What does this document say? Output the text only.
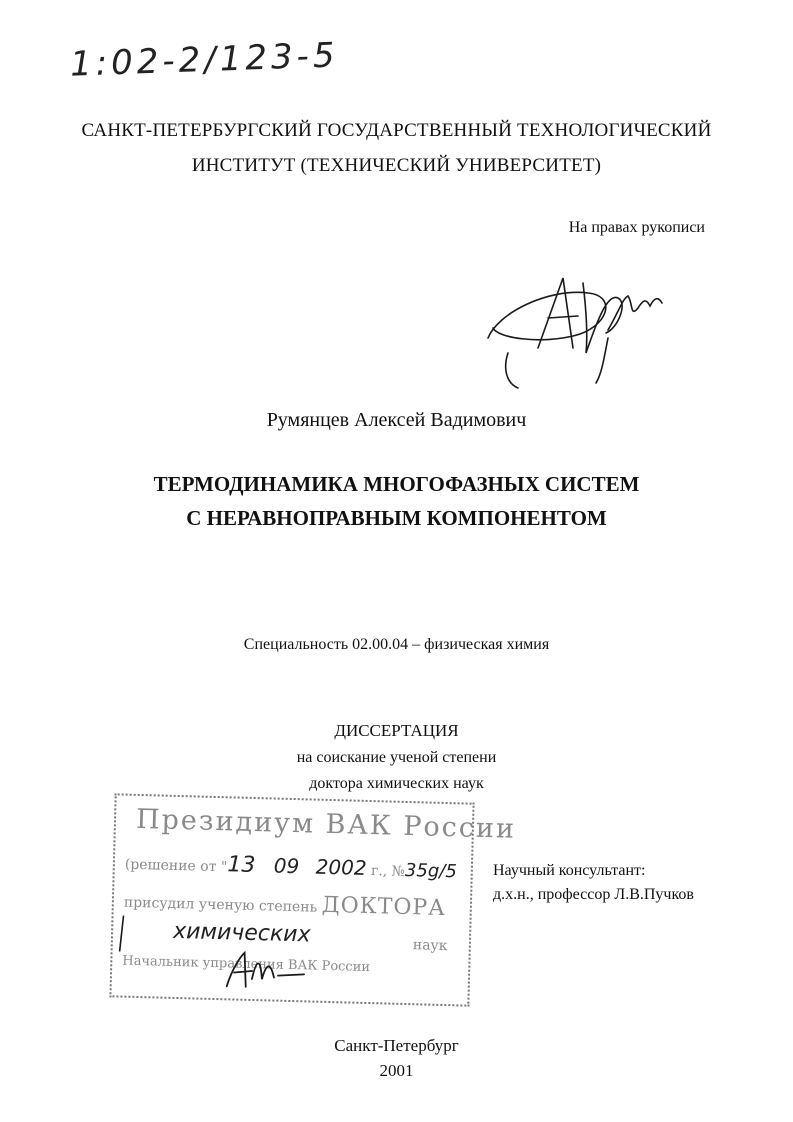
1:02-2/123-5
САНКТ-ПЕТЕРБУРГСКИЙ ГОСУДАРСТВЕННЫЙ ТЕХНОЛОГИЧЕСКИЙ
ИНСТИТУТ (ТЕХНИЧЕСКИЙ УНИВЕРСИТЕТ)
На правах рукописи
Румянцев Алексей Вадимович
ТЕРМОДИНАМИКА МНОГОФАЗНЫХ СИСТЕМ
С НЕРАВНОПРАВНЫМ КОМПОНЕНТОМ
Специальность 02.00.04 – физическая химия
ДИССЕРТАЦИЯ
на соискание ученой степени
доктора химических наук
Президиум ВАК России
(решение от "13 09 2002 г., №35g/5
присудил ученую степень ДОКТОРА
химических	наук
Начальник управления ВАК России
Научный консультант:
д.х.н., профессор Л.В.Пучков
Санкт-Петербург
2001
